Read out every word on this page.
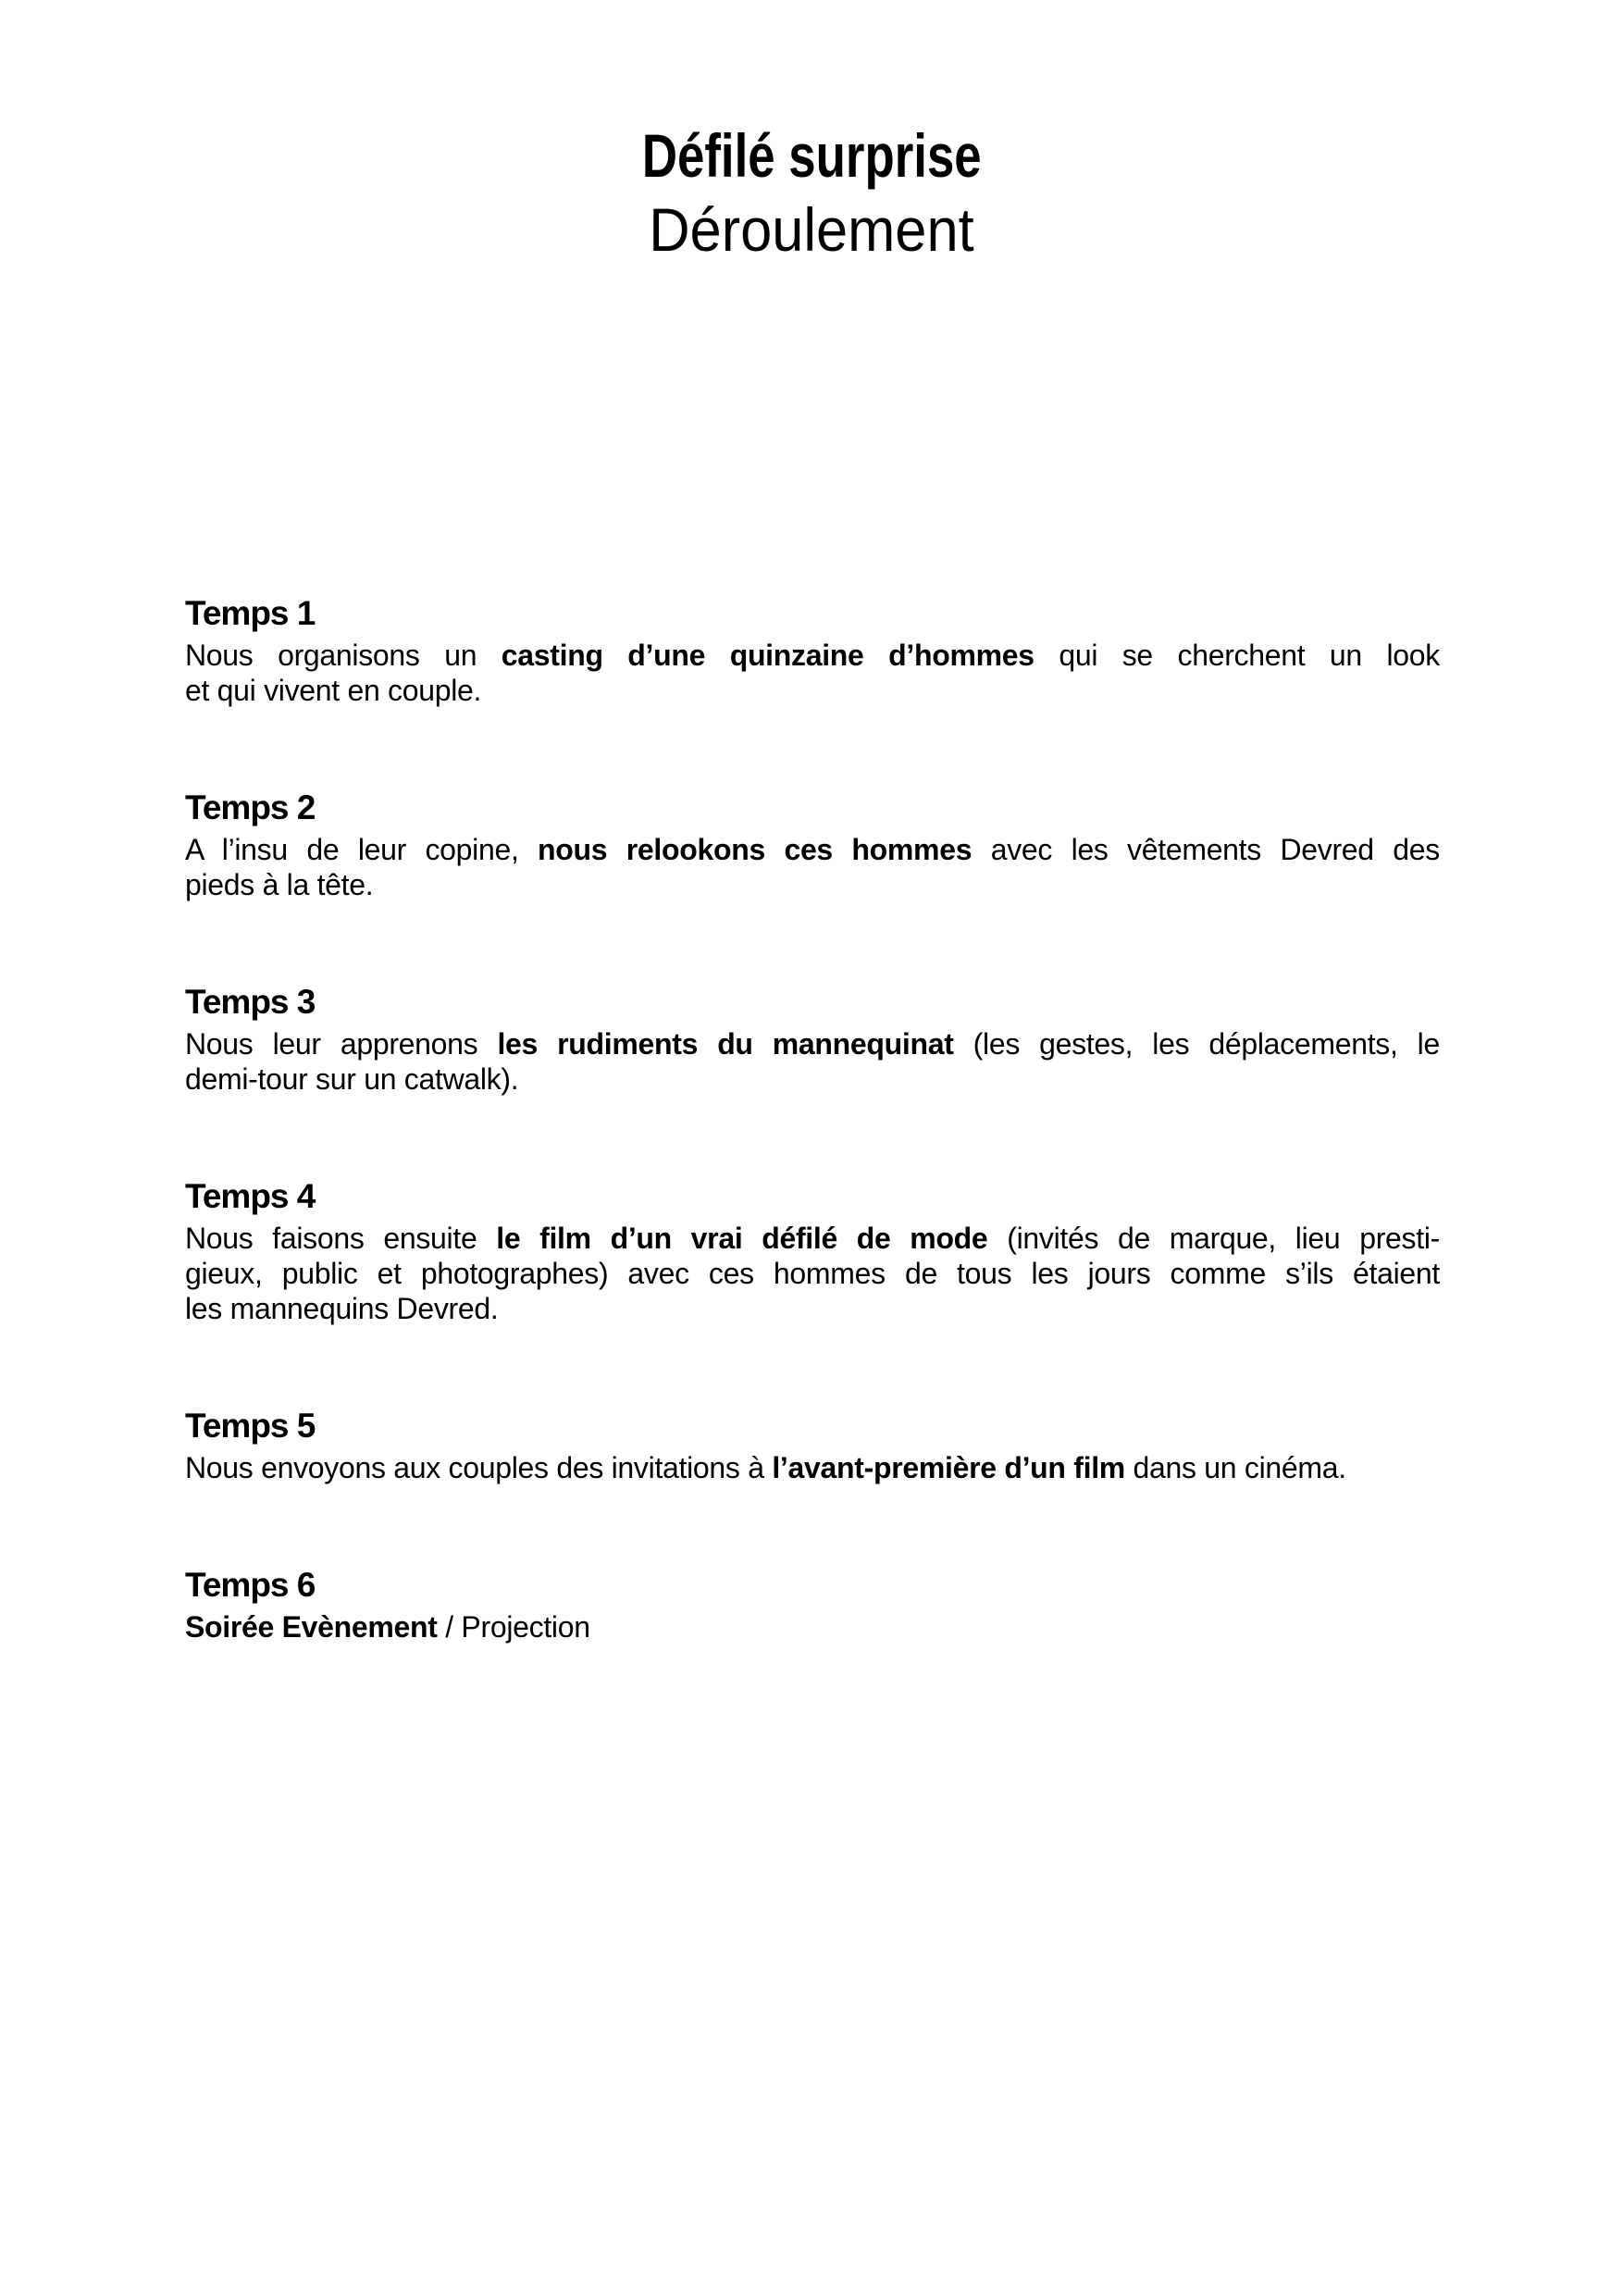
Défilé surprise
Déroulement
Temps 1
Nous organisons un casting d’une quinzaine d’hommes qui se cherchent un look
et qui vivent en couple.
Temps 2
A l’insu de leur copine, nous relookons ces hommes avec les vêtements Devred des
pieds à la tête.
Temps 3
Nous leur apprenons les rudiments du mannequinat (les gestes, les déplacements, le
demi-tour sur un catwalk).
Temps 4
Nous faisons ensuite le film d’un vrai défilé de mode (invités de marque, lieu presti-
gieux, public et photographes) avec ces hommes de tous les jours comme s’ils étaient
les mannequins Devred.
Temps 5
Nous envoyons aux couples des invitations à l’avant-première d’un film dans un cinéma.
Temps 6
Soirée Evènement / Projection
